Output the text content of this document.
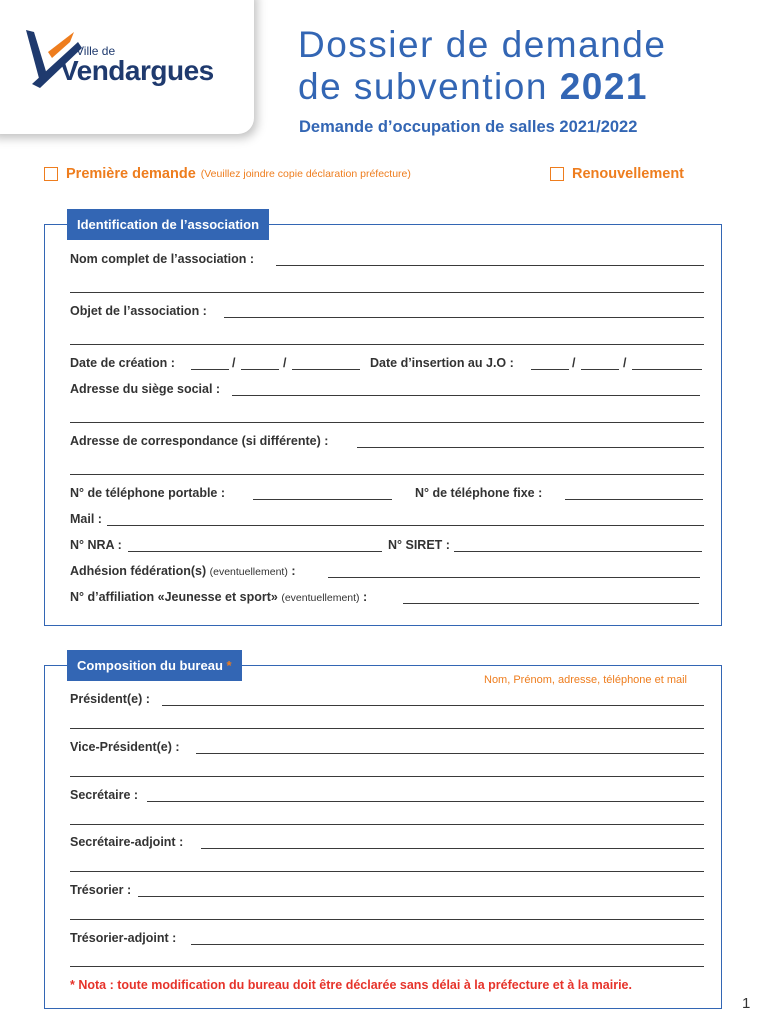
Ville de
Vendargues
Dossier de demande
de subvention 2021
Demande d’occupation de salles 2021/2022
Première demande (Veuillez joindre copie déclaration préfecture)	Renouvellement
Identification de l’association
Nom complet de l’association :
Objet de l’association :
Date de création :	/	/	Date d’insertion au J.O :	/	/
Adresse du siège social :
Adresse de correspondance (si différente) :
N° de téléphone portable :	N° de téléphone fixe :
Mail :
N° NRA :	N° SIRET :
Adhésion fédération(s) (eventuellement) :
N° d’affiliation «Jeunesse et sport» (eventuellement) :
Composition du bureau *
Nom, Prénom, adresse, téléphone et mail
Président(e) :
Vice-Président(e) :
Secrétaire :
Secrétaire-adjoint :
Trésorier :
Trésorier-adjoint :
* Nota : toute modification du bureau doit être déclarée sans délai à la préfecture et à la mairie.
1
